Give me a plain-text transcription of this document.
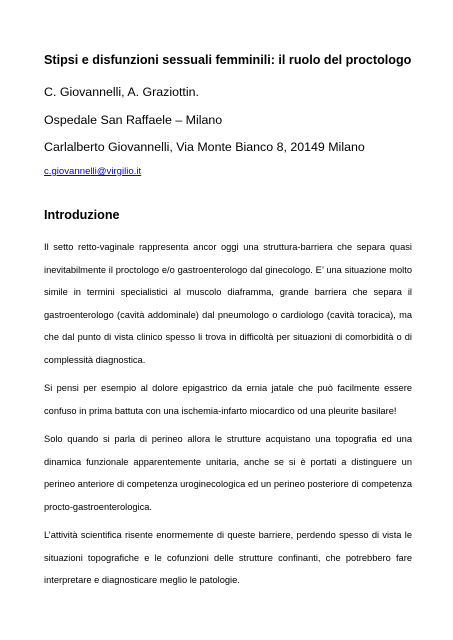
Stipsi e disfunzioni sessuali femminili: il ruolo del proctologo
C. Giovannelli, A. Graziottin.
Ospedale San Raffaele – Milano
Carlalberto Giovannelli, Via Monte Bianco 8, 20149 Milano
c.giovannelli@virgilio.it
Introduzione

Il setto retto-vaginale rappresenta ancor oggi una struttura-barriera che separa quasi
inevitabilmente il proctologo e/o gastroenterologo dal ginecologo. E’ una situazione molto
simile in termini specialistici al muscolo diaframma, grande barriera che separa il
gastroenterologo (cavità addominale) dal pneumologo o cardiologo (cavità toracica), ma
che dal punto di vista clinico spesso li trova in difficoltà per situazioni di comorbidità o di
complessità diagnostica.

Si pensi per esempio al dolore epigastrico da ernia jatale che può facilmente essere
confuso in prima battuta con una ischemia-infarto miocardico od una pleurite basilare!

Solo quando si parla di perineo allora le strutture acquistano una topografia ed una
dinamica funzionale apparentemente unitaria, anche se si è portati a distinguere un
perineo anteriore di competenza uroginecologica ed un perineo posteriore di competenza
procto-gastroenterologica.

L’attività scientifica risente enormemente di queste barriere, perdendo spesso di vista le
situazioni topografiche e le cofunzioni delle strutture confinanti, che potrebbero fare
interpretare e diagnosticare meglio le patologie.
